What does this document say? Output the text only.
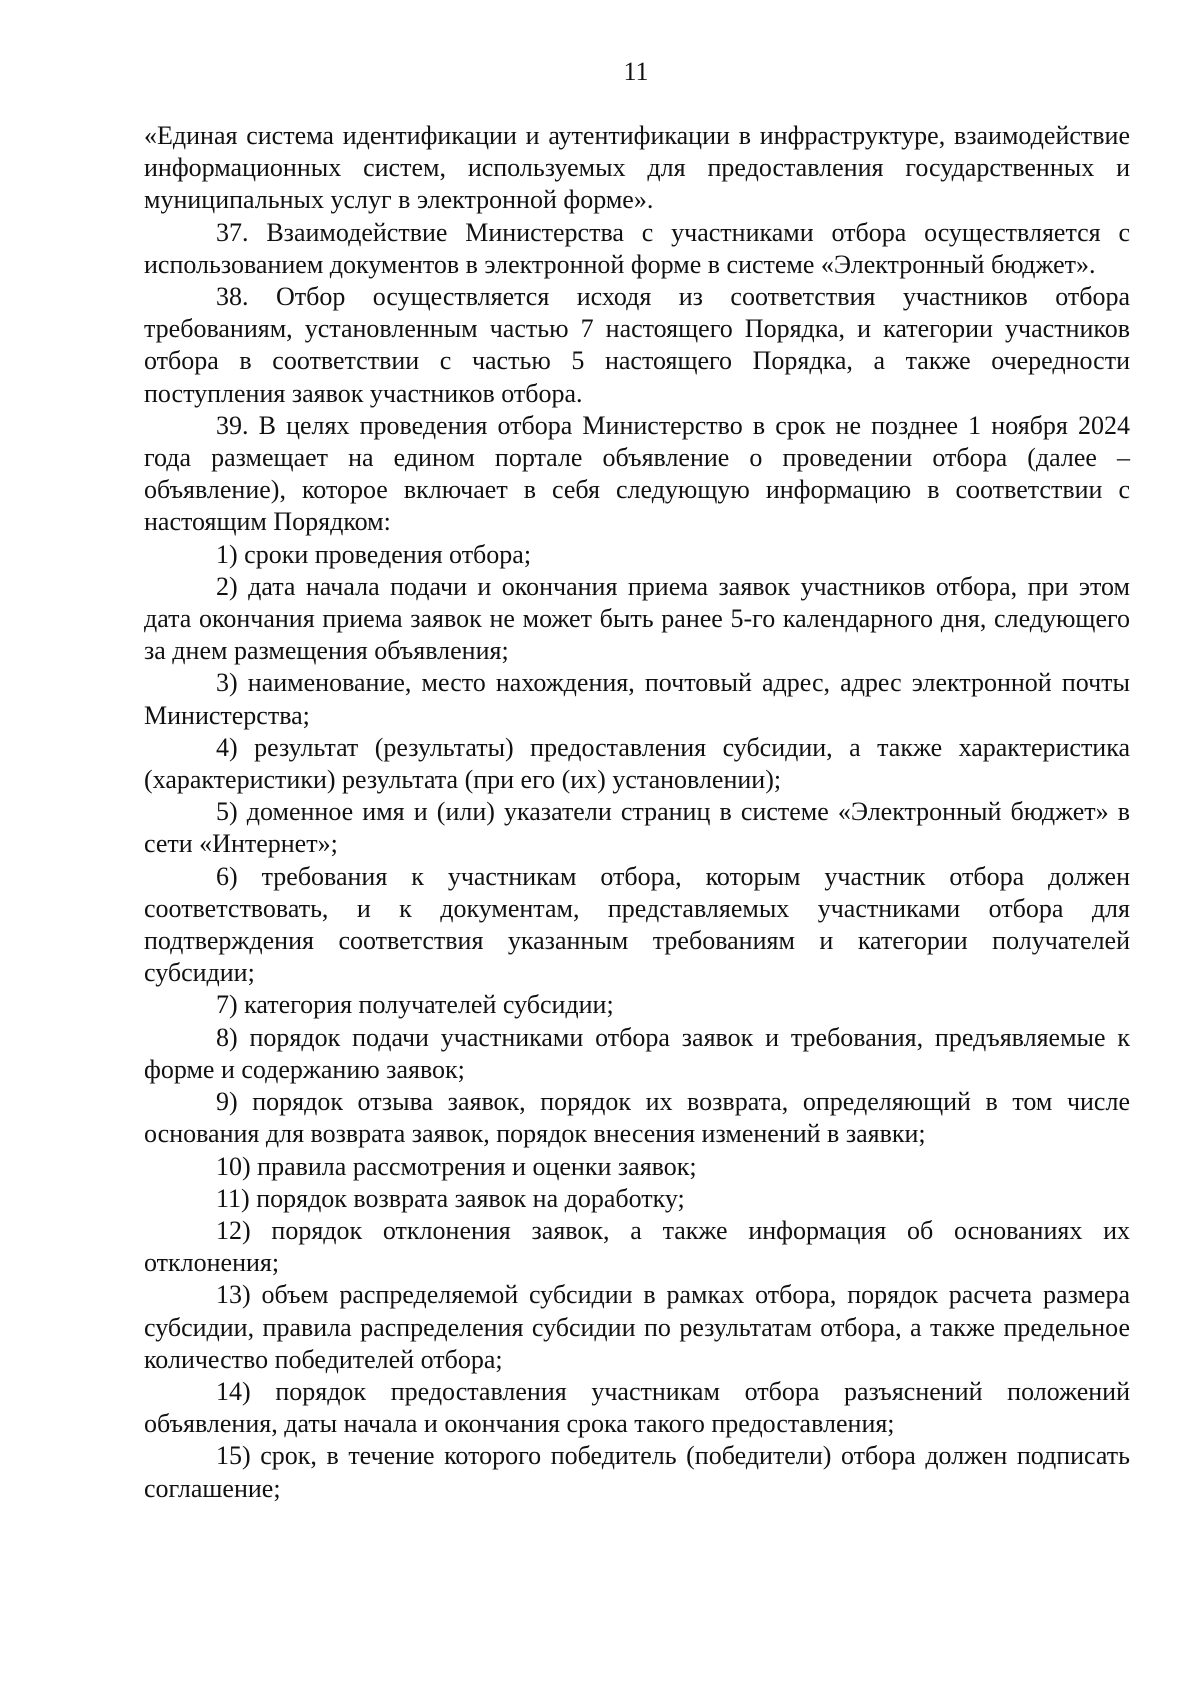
11

«Единая система идентификации и аутентификации в инфраструктуре, взаимодействие информационных систем, используемых для предоставления государственных и муниципальных услуг в электронной форме».

37. Взаимодействие Министерства с участниками отбора осуществляется с использованием документов в электронной форме в системе «Электронный бюджет».

38. Отбор осуществляется исходя из соответствия участников отбора требованиям, установленным частью 7 настоящего Порядка, и категории участников отбора в соответствии с частью 5 настоящего Порядка, а также очередности поступления заявок участников отбора.

39. В целях проведения отбора Министерство в срок не позднее 1 ноября 2024 года размещает на едином портале объявление о проведении отбора (далее – объявление), которое включает в себя следующую информацию в соответствии с настоящим Порядком:

1) сроки проведения отбора;

2) дата начала подачи и окончания приема заявок участников отбора, при этом дата окончания приема заявок не может быть ранее 5-го календарного дня, следующего за днем размещения объявления;

3) наименование, место нахождения, почтовый адрес, адрес электронной почты Министерства;

4) результат (результаты) предоставления субсидии, а также характеристика (характеристики) результата (при его (их) установлении);

5) доменное имя и (или) указатели страниц в системе «Электронный бюджет» в сети «Интернет»;

6) требования к участникам отбора, которым участник отбора должен соответствовать, и к документам, представляемых участниками отбора для подтверждения соответствия указанным требованиям и категории получателей субсидии;

7) категория получателей субсидии;

8) порядок подачи участниками отбора заявок и требования, предъявляемые к форме и содержанию заявок;

9) порядок отзыва заявок, порядок их возврата, определяющий в том числе основания для возврата заявок, порядок внесения изменений в заявки;

10) правила рассмотрения и оценки заявок;

11) порядок возврата заявок на доработку;

12) порядок отклонения заявок, а также информация об основаниях их отклонения;

13) объем распределяемой субсидии в рамках отбора, порядок расчета размера субсидии, правила распределения субсидии по результатам отбора, а также предельное количество победителей отбора;

14) порядок предоставления участникам отбора разъяснений положений объявления, даты начала и окончания срока такого предоставления;

15) срок, в течение которого победитель (победители) отбора должен подписать соглашение;
